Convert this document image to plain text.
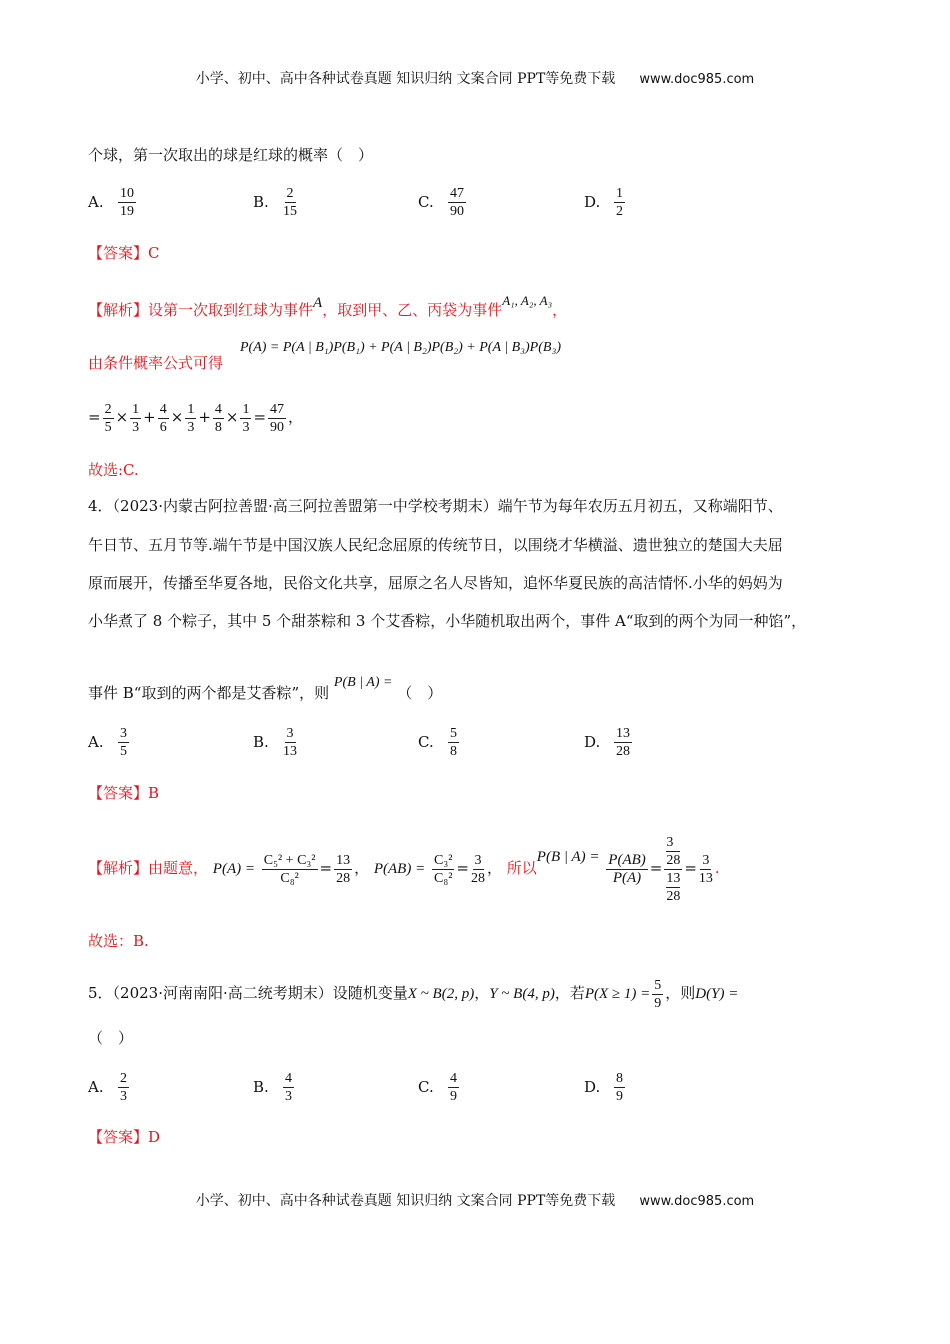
小学、初中、高中各种试卷真题 知识归纳 文案合同 PPT等免费下载 www.doc985.com
个球，第一次取出的球是红球的概率（　）
A. $\frac{10}{19}$	B. $\frac{2}{15}$	C. $\frac{47}{90}$	D. $\frac{1}{2}$
【答案】C
【解析】设第一次取到红球为事件A，取到甲、乙、丙袋为事件A₁, A₂, A₃，
P(A) = P(A | B₁)P(B₁) + P(A | B₂)P(B₂) + P(A | B₃)P(B₃)
由条件概率公式可得
= $\frac{2}{5} \times \frac{1}{3} + \frac{4}{6} \times \frac{1}{3} + \frac{4}{8} \times \frac{1}{3} = \frac{47}{90}$ ，
故选:C.
4．（2023·内蒙古阿拉善盟·高三阿拉善盟第一中学校考期末）端午节为每年农历五月初五，又称端阳节、
午日节、五月节等.端午节是中国汉族人民纪念屈原的传统节日，以围绕才华横溢、遗世独立的楚国大夫屈
原而展开，传播至华夏各地，民俗文化共享，屈原之名人尽皆知，追怀华夏民族的高洁情怀.小华的妈妈为
小华煮了 8 个粽子，其中 5 个甜茶粽和 3 个艾香粽，小华随机取出两个，事件 A“取到的两个为同一种馅”，
事件 B“取到的两个都是艾香粽”，则 P(B | A) = （　）
A. $\frac{3}{5}$	B. $\frac{3}{13}$	C. $\frac{5}{8}$	D. $\frac{13}{28}$
【答案】B
【解析】由题意， $P(A) = \frac{\text{C₅² + C₃²}}{\text{C₈²}} = \frac{13}{28}$ ， $P(AB) = \frac{\text{C₃²}}{\text{C₈²}} = \frac{3}{28}$ ， 所以P(B | $A) = \frac{P(AB)}{P(A)} = \frac{\frac{3}{28}}{\frac{13}{28}} = \frac{3}{13}$ .
故选：B.
5．（2023·河南南阳·高二统考期末）设随机变量X ~ B(2, p)，Y ~ B(4, p)，若$P(X \ge 1) = \frac{5}{9}$ ，则D(Y) =
（　）
A. $\frac{2}{3}$	B. $\frac{4}{3}$	C. $\frac{4}{9}$	D. $\frac{8}{9}$
【答案】D
小学、初中、高中各种试卷真题 知识归纳 文案合同 PPT等免费下载 www.doc985.com
